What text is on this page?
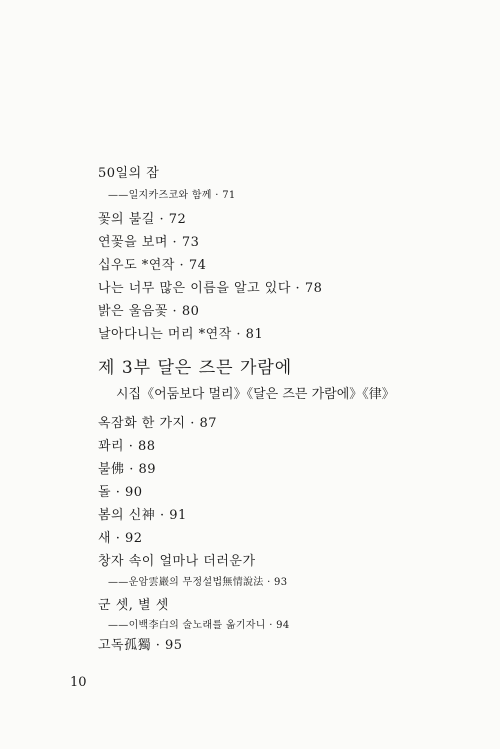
50일의 잠
——일지카즈코와 함께 · 71
꽃의 불길 · 72
연꽃을 보며 · 73
십우도 *연작 · 74
나는 너무 많은 이름을 알고 있다 · 78
밝은 울음꽃 · 80
날아다니는 머리 *연작 · 81
제 3부 달은 즈믄 가람에
시집《어둠보다 멀리》《달은 즈믄 가람에》《律》
옥잠화 한 가지 · 87
꽈리 · 88
불佛 · 89
돌 · 90
봄의 신神 · 91
새 · 92
창자 속이 얼마나 더러운가
——운암雲巖의 무정설법無情說法 · 93
군 셋, 별 셋
——이백李白의 술노래를 옮기자니 · 94
고독孤獨 · 95
10
